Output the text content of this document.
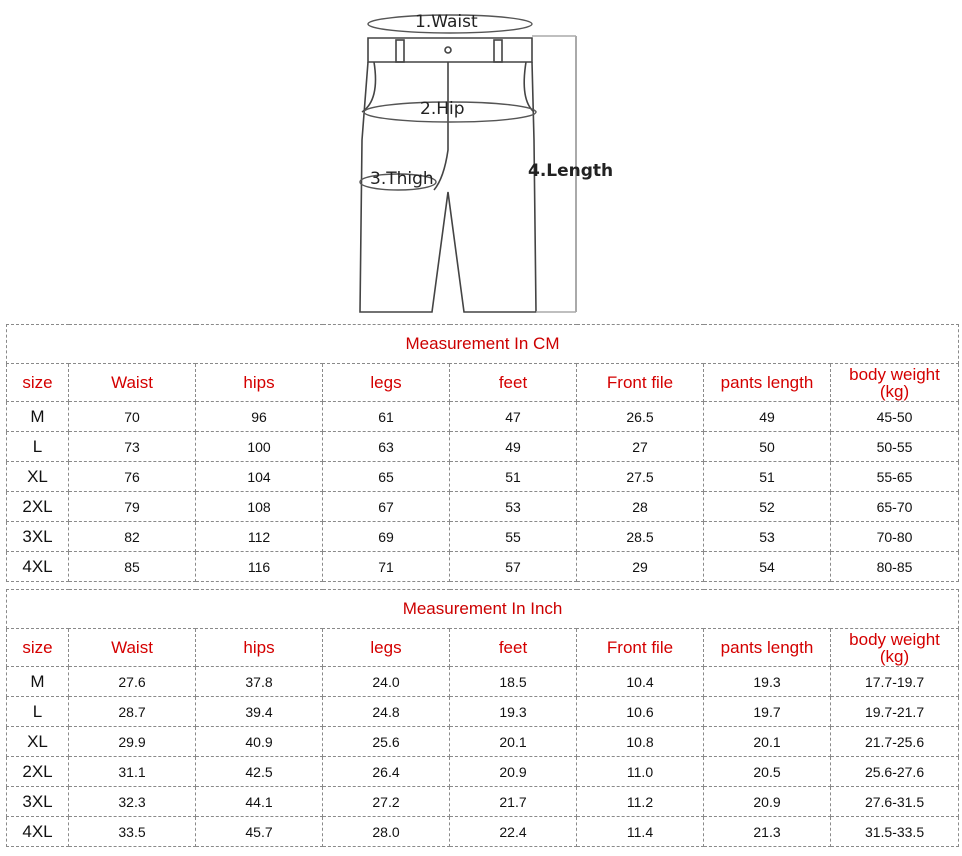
1.Waist
2.Hip
3.Thigh	4.Length
Measurement In CM							
size	Waist	hips	legs	feet	Front file	pants length	body weight
(kg)
M	70	96	61	47	26.5	49	45-50
L	73	100	63	49	27	50	50-55
XL	76	104	65	51	27.5	51	55-65
2XL	79	108	67	53	28	52	65-70
3XL	82	112	69	55	28.5	53	70-80
4XL	85	116	71	57	29	54	80-85
Measurement In Inch							
size	Waist	hips	legs	feet	Front file	pants length	body weight
(kg)
M	27.6	37.8	24.0	18.5	10.4	19.3	17.7-19.7
L	28.7	39.4	24.8	19.3	10.6	19.7	19.7-21.7
XL	29.9	40.9	25.6	20.1	10.8	20.1	21.7-25.6
2XL	31.1	42.5	26.4	20.9	11.0	20.5	25.6-27.6
3XL	32.3	44.1	27.2	21.7	11.2	20.9	27.6-31.5
4XL	33.5	45.7	28.0	22.4	11.4	21.3	31.5-33.5
